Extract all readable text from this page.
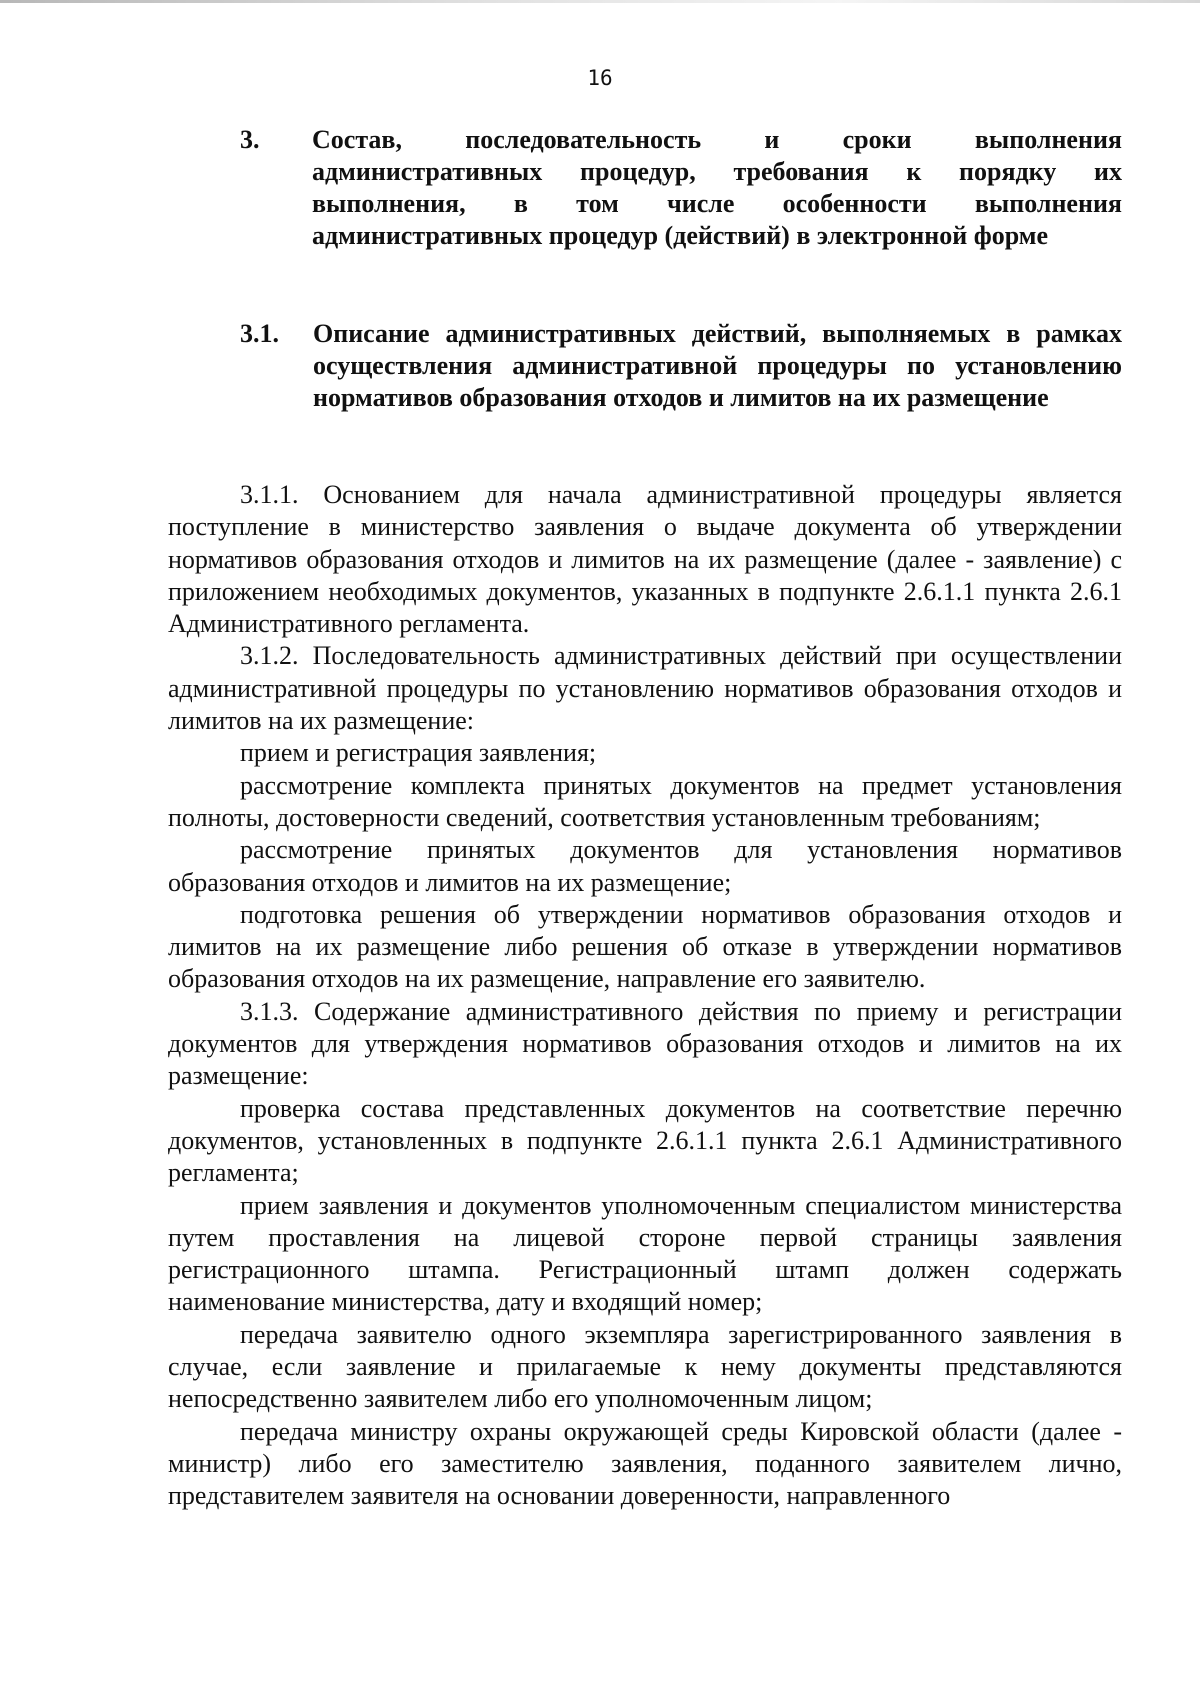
16
3. Состав, последовательность и сроки выполнения административных процедур, требования к порядку их выполнения, в том числе особенности выполнения административных процедур (действий) в электронной форме
3.1. Описание административных действий, выполняемых в рамках осуществления административной процедуры по установлению нормативов образования отходов и лимитов на их размещение

3.1.1. Основанием для начала административной процедуры является поступление в министерство заявления о выдаче документа об утверждении нормативов образования отходов и лимитов на их размещение (далее - заявление) с приложением необходимых документов, указанных в подпункте 2.6.1.1 пункта 2.6.1 Административного регламента.

3.1.2. Последовательность административных действий при осуществлении административной процедуры по установлению нормативов образования отходов и лимитов на их размещение:

прием и регистрация заявления;

рассмотрение комплекта принятых документов на предмет установления полноты, достоверности сведений, соответствия установленным требованиям;

рассмотрение принятых документов для установления нормативов образования отходов и лимитов на их размещение;

подготовка решения об утверждении нормативов образования отходов и лимитов на их размещение либо решения об отказе в утверждении нормативов образования отходов на их размещение, направление его заявителю.

3.1.3. Содержание административного действия по приему и регистрации документов для утверждения нормативов образования отходов и лимитов на их размещение:

проверка состава представленных документов на соответствие перечню документов, установленных в подпункте 2.6.1.1 пункта 2.6.1 Административного регламента;

прием заявления и документов уполномоченным специалистом министерства путем проставления на лицевой стороне первой страницы заявления регистрационного штампа. Регистрационный штамп должен содержать наименование министерства, дату и входящий номер;

передача заявителю одного экземпляра зарегистрированного заявления в случае, если заявление и прилагаемые к нему документы представляются непосредственно заявителем либо его уполномоченным лицом;

передача министру охраны окружающей среды Кировской области (далее - министр) либо его заместителю заявления, поданного заявителем лично, представителем заявителя на основании доверенности, направленного
